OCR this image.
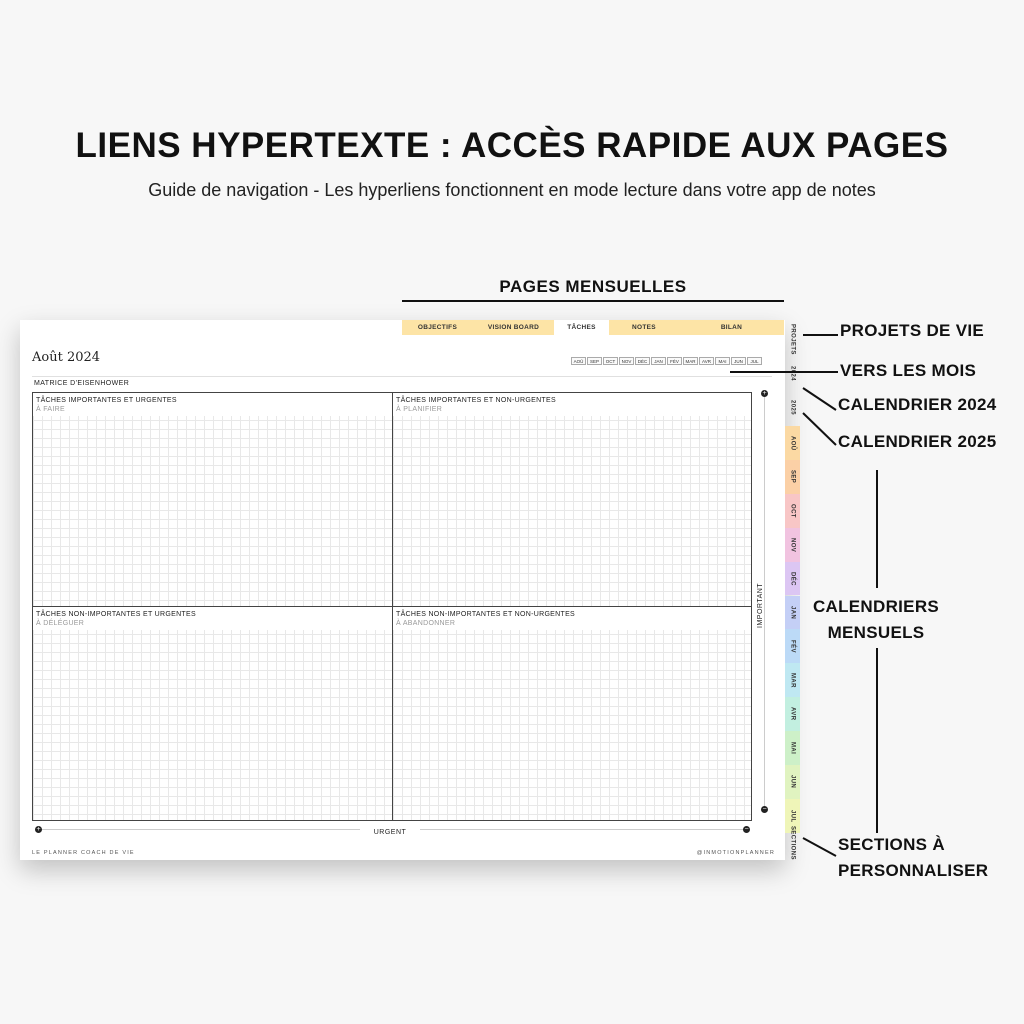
LIENS HYPERTEXTE : ACCÈS RAPIDE AUX PAGES
Guide de navigation - Les hyperliens fonctionnent en mode lecture dans votre app de notes
PAGES MENSUELLES
OBJECTIFS	VISION BOARD	TÂCHES	NOTES	BILAN
Août 2024	AOÛ	SEP	OCT	NOV	DÉC	JAN	FÉV	MAR	AVR	MAI	JUN	JUL
MATRICE D'EISENHOWER
TÂCHES IMPORTANTES ET URGENTES
À FAIRE
TÂCHES IMPORTANTES ET NON-URGENTES
À PLANIFIER
TÂCHES NON-IMPORTANTES ET URGENTES
À DÉLÉGUER
TÂCHES NON-IMPORTANTES ET NON-URGENTES
À ABANDONNER
+
−
IMPORTANT
+	−
URGENT
LE PLANNER COACH DE VIE	@INMOTIONPLANNER
PROJETS
2024
2025
AOÛ
SEP
OCT
NOV
DÉC
JAN
FÉV
MAR
AVR
MAI
JUN
JUL
SECTIONS
PROJETS DE VIE
VERS LES MOIS
CALENDRIER 2024
CALENDRIER 2025
CALENDRIERS
MENSUELS
SECTIONS À
PERSONNALISER
